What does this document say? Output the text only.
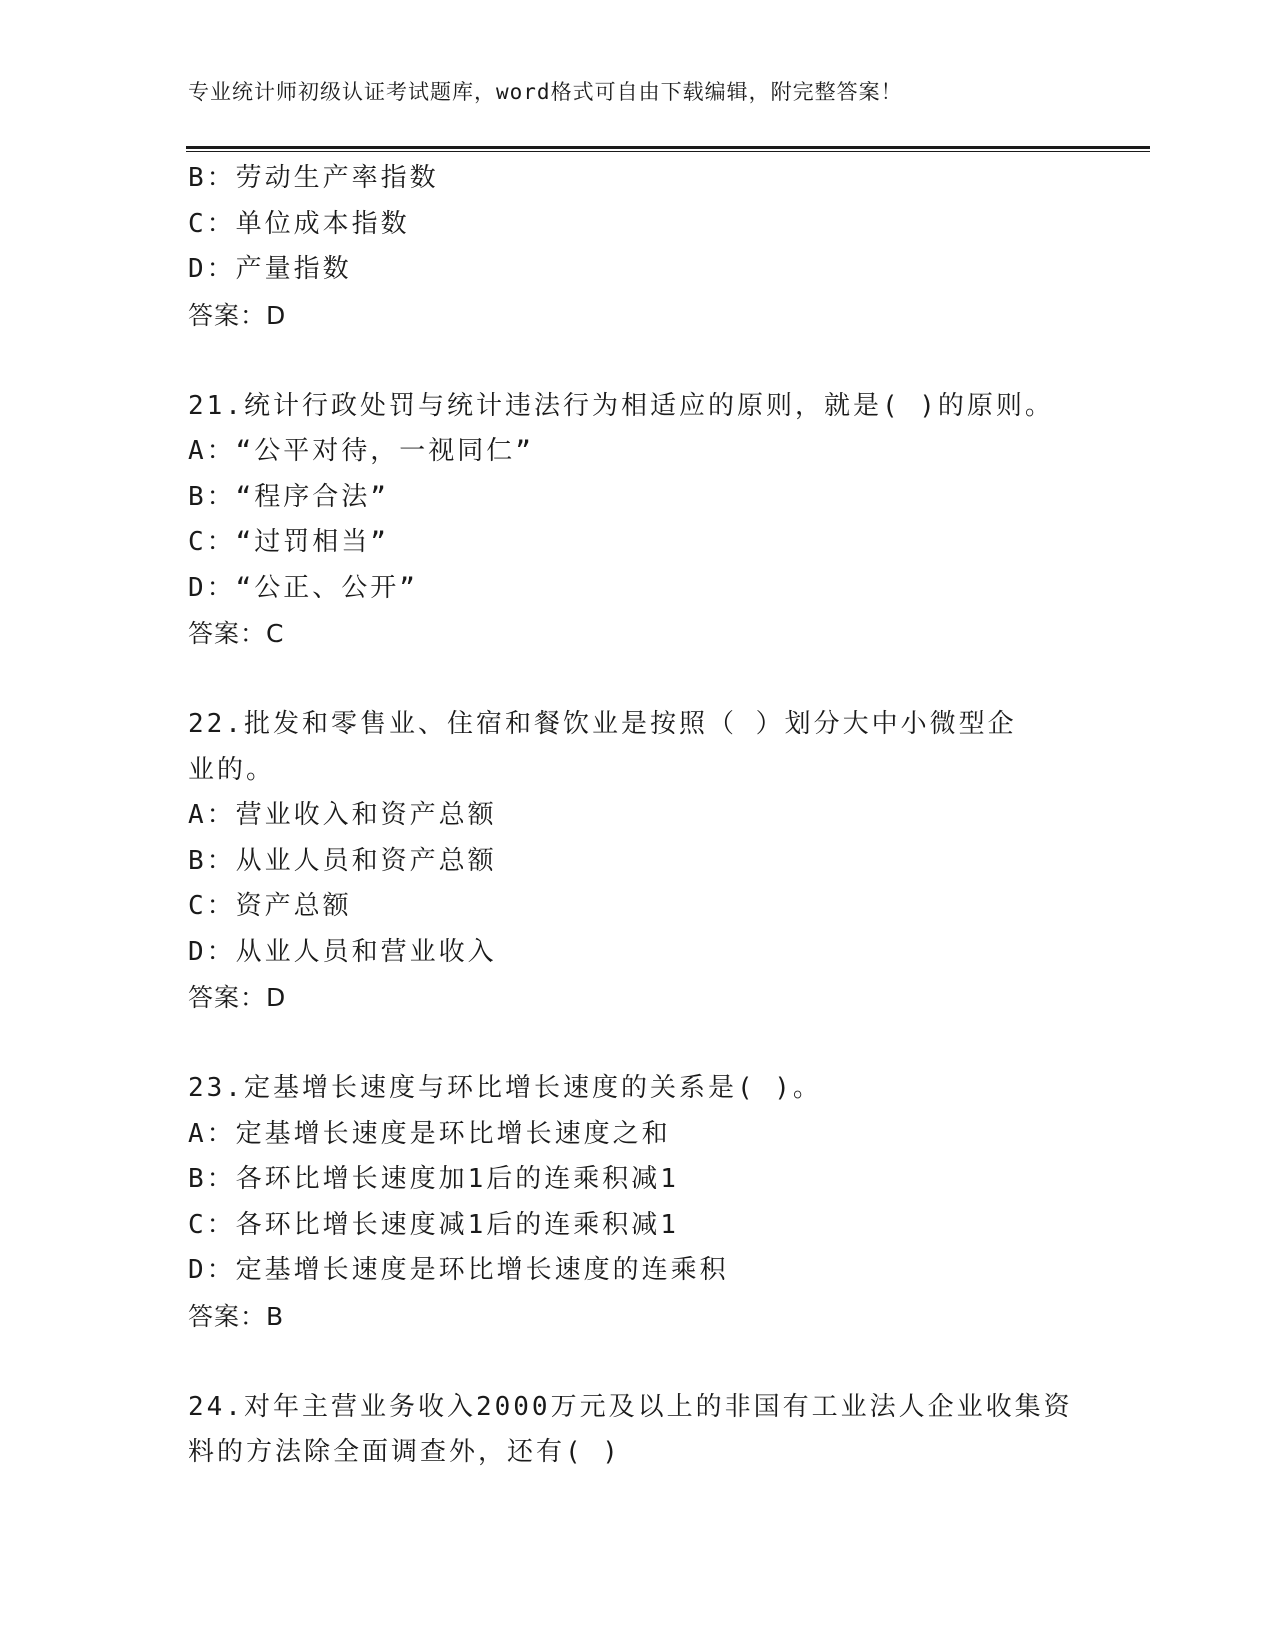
专业统计师初级认证考试题库，word格式可自由下载编辑，附完整答案！
B：劳动生产率指数
C：单位成本指数
D：产量指数
答案：D
21.统计行政处罚与统计违法行为相适应的原则，就是( )的原则。
A：“公平对待，一视同仁”
B：“程序合法”
C：“过罚相当”
D：“公正、公开”
答案：C
22.批发和零售业、住宿和餐饮业是按照（ ）划分大中小微型企
业的。
A：营业收入和资产总额
B：从业人员和资产总额
C：资产总额
D：从业人员和营业收入
答案：D
23.定基增长速度与环比增长速度的关系是( )。
A：定基增长速度是环比增长速度之和
B：各环比增长速度加1后的连乘积减1
C：各环比增长速度减1后的连乘积减1
D：定基增长速度是环比增长速度的连乘积
答案：B
24.对年主营业务收入2000万元及以上的非国有工业法人企业收集资
料的方法除全面调查外，还有( )
